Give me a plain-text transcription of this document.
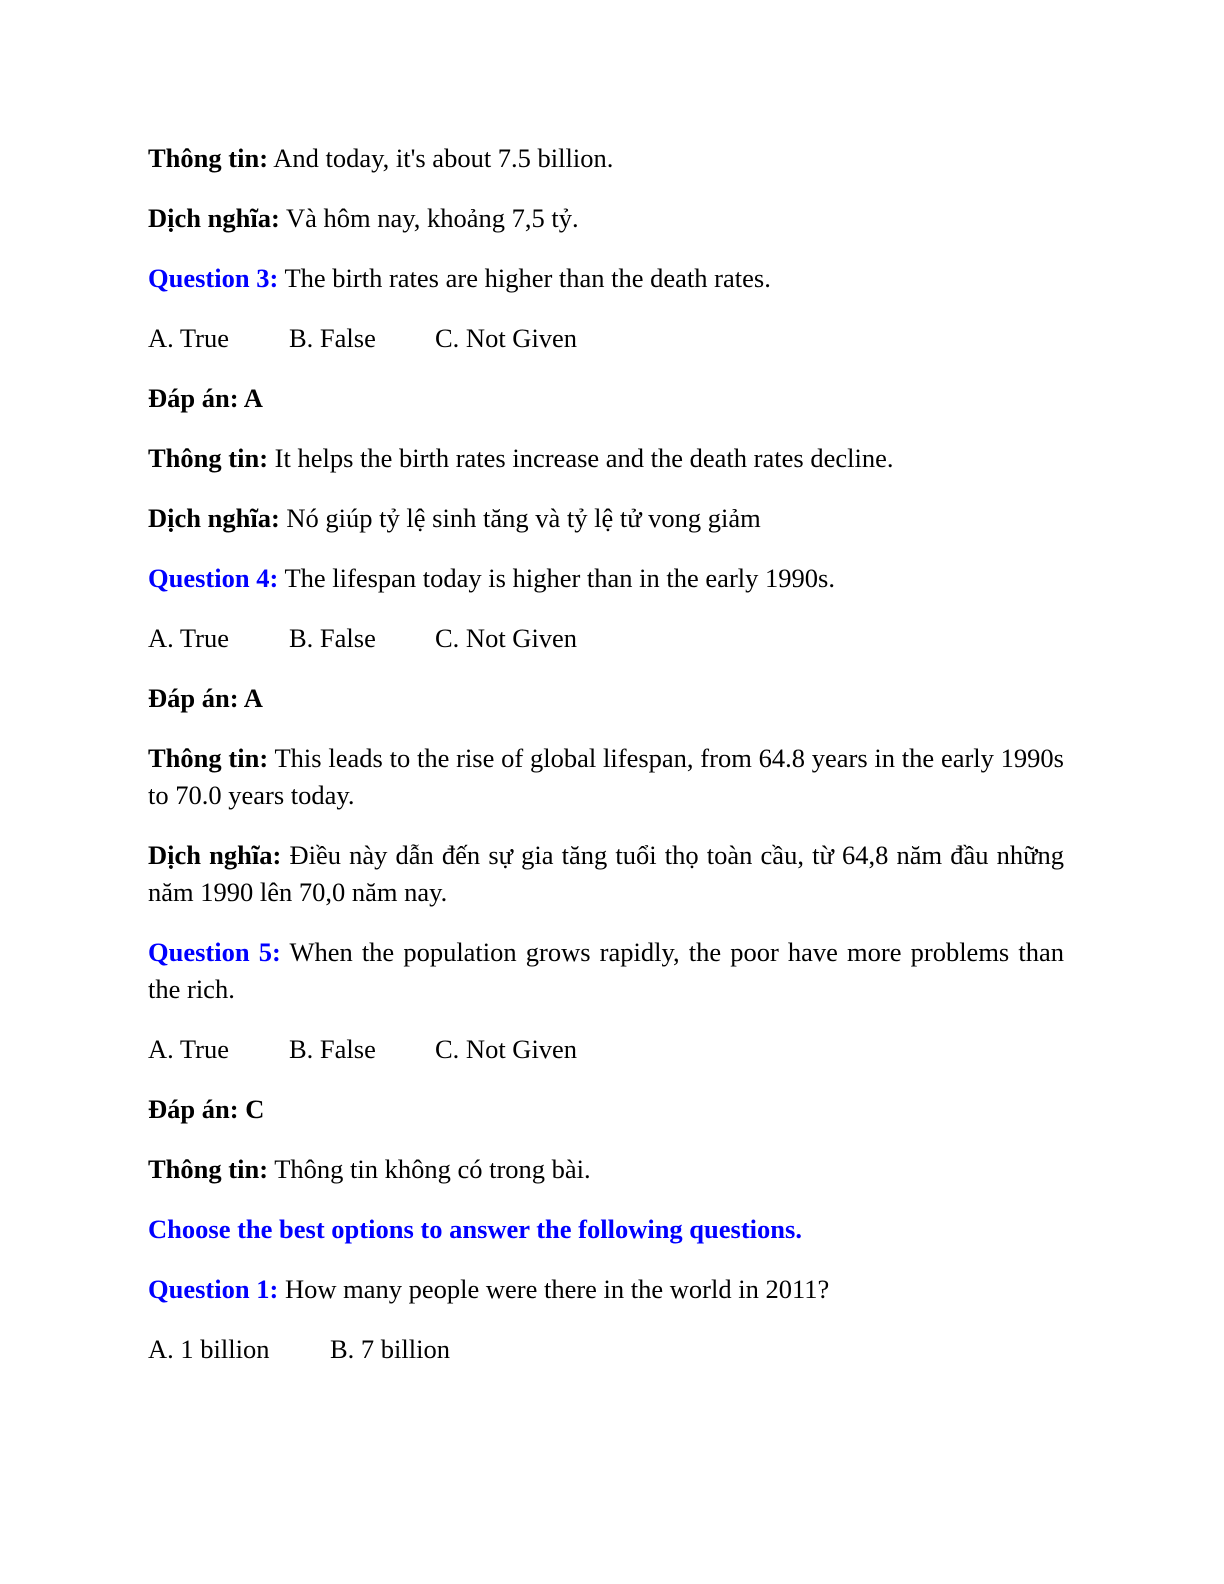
Thông tin: And today, it's about 7.5 billion.

Dịch nghĩa: Và hôm nay, khoảng 7,5 tỷ.

Question 3: The birth rates are higher than the death rates.

A. True B. False C. Not Given

Đáp án: A

Thông tin: It helps the birth rates increase and the death rates decline.

Dịch nghĩa: Nó giúp tỷ lệ sinh tăng và tỷ lệ tử vong giảm

Question 4: The lifespan today is higher than in the early 1990s.

A. True B. False C. Not Given

Đáp án: A

Thông tin: This leads to the rise of global lifespan, from 64.8 years in the early 1990s to 70.0 years today.

Dịch nghĩa: Điều này dẫn đến sự gia tăng tuổi thọ toàn cầu, từ 64,8 năm đầu những năm 1990 lên 70,0 năm nay.

Question 5: When the population grows rapidly, the poor have more problems than the rich.

A. True B. False C. Not Given

Đáp án: C

Thông tin: Thông tin không có trong bài.

Choose the best options to answer the following questions.

Question 1: How many people were there in the world in 2011?

A. 1 billion B. 7 billion
